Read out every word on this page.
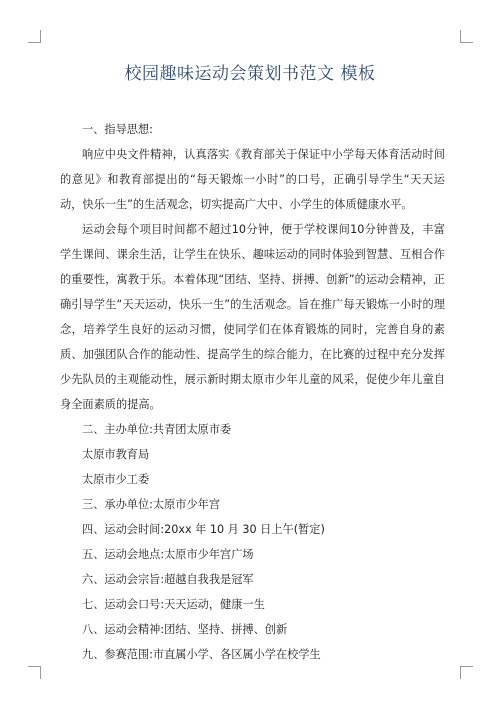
校园趣味运动会策划书范文 模板

一、指导思想:

响应中央文件精神，认真落实《教育部关于保证中小学每天体育活动时间的意见》和教育部提出的“每天锻炼一小时”的口号，正确引导学生“天天运动，快乐一生”的生活观念，切实提高广大中、小学生的体质健康水平。

运动会每个项目时间都不超过10分钟，便于学校课间10分钟普及，丰富学生课间、课余生活，让学生在快乐、趣味运动的同时体验到智慧、互相合作的重要性，寓教于乐。本着体现“团结、坚持、拼搏、创新”的运动会精神，正确引导学生“天天运动，快乐一生”的生活观念。旨在推广每天锻炼一小时的理念，培养学生良好的运动习惯，使同学们在体育锻炼的同时，完善自身的素质、加强团队合作的能动性、提高学生的综合能力，在比赛的过程中充分发挥少先队员的主观能动性，展示新时期太原市少年儿童的风采，促使少年儿童自身全面素质的提高。

二、主办单位:共青团太原市委

太原市教育局

太原市少工委

三、承办单位:太原市少年宫

四、运动会时间:20xx 年 10 月 30 日上午(暂定)

五、运动会地点:太原市少年宫广场

六、运动会宗旨:超越自我我是冠军

七、运动会口号:天天运动，健康一生

八、运动会精神:团结、坚持、拼搏、创新

九、参赛范围:市直属小学、各区属小学在校学生
